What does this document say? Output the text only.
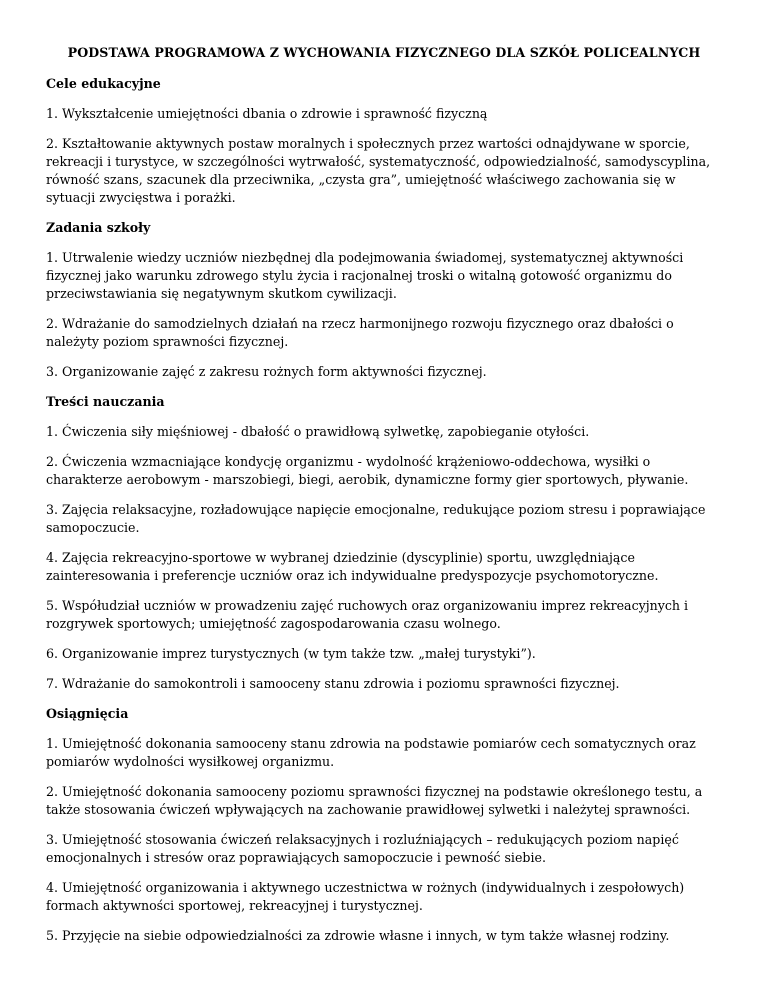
PODSTAWA PROGRAMOWA Z WYCHOWANIA FIZYCZNEGO DLA SZKÓŁ POLICEALNYCH
Cele edukacyjne
1. Wykształcenie umiejętności dbania o zdrowie i sprawność fizyczną
2. Kształtowanie aktywnych postaw moralnych i społecznych przez wartości odnajdywane w sporcie, rekreacji i turystyce, w szczególności wytrwałość, systematyczność, odpowiedzialność, samodyscyplina, równość szans, szacunek dla przeciwnika, „czysta gra”, umiejętność właściwego zachowania się w sytuacji zwycięstwa i porażki.
Zadania szkoły
1. Utrwalenie wiedzy uczniów niezbędnej dla podejmowania świadomej, systematycznej aktywności fizycznej jako warunku zdrowego stylu życia i racjonalnej troski o witalną gotowość organizmu do przeciwstawiania się negatywnym skutkom cywilizacji.
2. Wdrażanie do samodzielnych działań na rzecz harmonijnego rozwoju fizycznego oraz dbałości o należyty poziom sprawności fizycznej.
3. Organizowanie zajęć z zakresu rożnych form aktywności fizycznej.
Treści nauczania
1. Ćwiczenia siły mięśniowej - dbałość o prawidłową sylwetkę, zapobieganie otyłości.
2. Ćwiczenia wzmacniające kondycję organizmu - wydolność krążeniowo-oddechowa, wysiłki o charakterze aerobowym - marszobiegi, biegi, aerobik, dynamiczne formy gier sportowych, pływanie.
3. Zajęcia relaksacyjne, rozładowujące napięcie emocjonalne, redukujące poziom stresu i poprawiające samopoczucie.
4. Zajęcia rekreacyjno-sportowe w wybranej dziedzinie (dyscyplinie) sportu, uwzględniające zainteresowania i preferencje uczniów oraz ich indywidualne predyspozycje psychomotoryczne.
5. Współudział uczniów w prowadzeniu zajęć ruchowych oraz organizowaniu imprez rekreacyjnych i rozgrywek sportowych; umiejętność zagospodarowania czasu wolnego.
6. Organizowanie imprez turystycznych (w tym także tzw. „małej turystyki”).
7. Wdrażanie do samokontroli i samooceny stanu zdrowia i poziomu sprawności fizycznej.
Osiągnięcia
1. Umiejętność dokonania samooceny stanu zdrowia na podstawie pomiarów cech somatycznych oraz pomiarów wydolności wysiłkowej organizmu.
2. Umiejętność dokonania samooceny poziomu sprawności fizycznej na podstawie określonego testu, a także stosowania ćwiczeń wpływających na zachowanie prawidłowej sylwetki i należytej sprawności.
3. Umiejętność stosowania ćwiczeń relaksacyjnych i rozluźniających – redukujących poziom napięć emocjonalnych i stresów oraz poprawiających samopoczucie i pewność siebie.
4. Umiejętność organizowania i aktywnego uczestnictwa w rożnych (indywidualnych i zespołowych) formach aktywności sportowej, rekreacyjnej i turystycznej.
5. Przyjęcie na siebie odpowiedzialności za zdrowie własne i innych, w tym także własnej rodziny.
